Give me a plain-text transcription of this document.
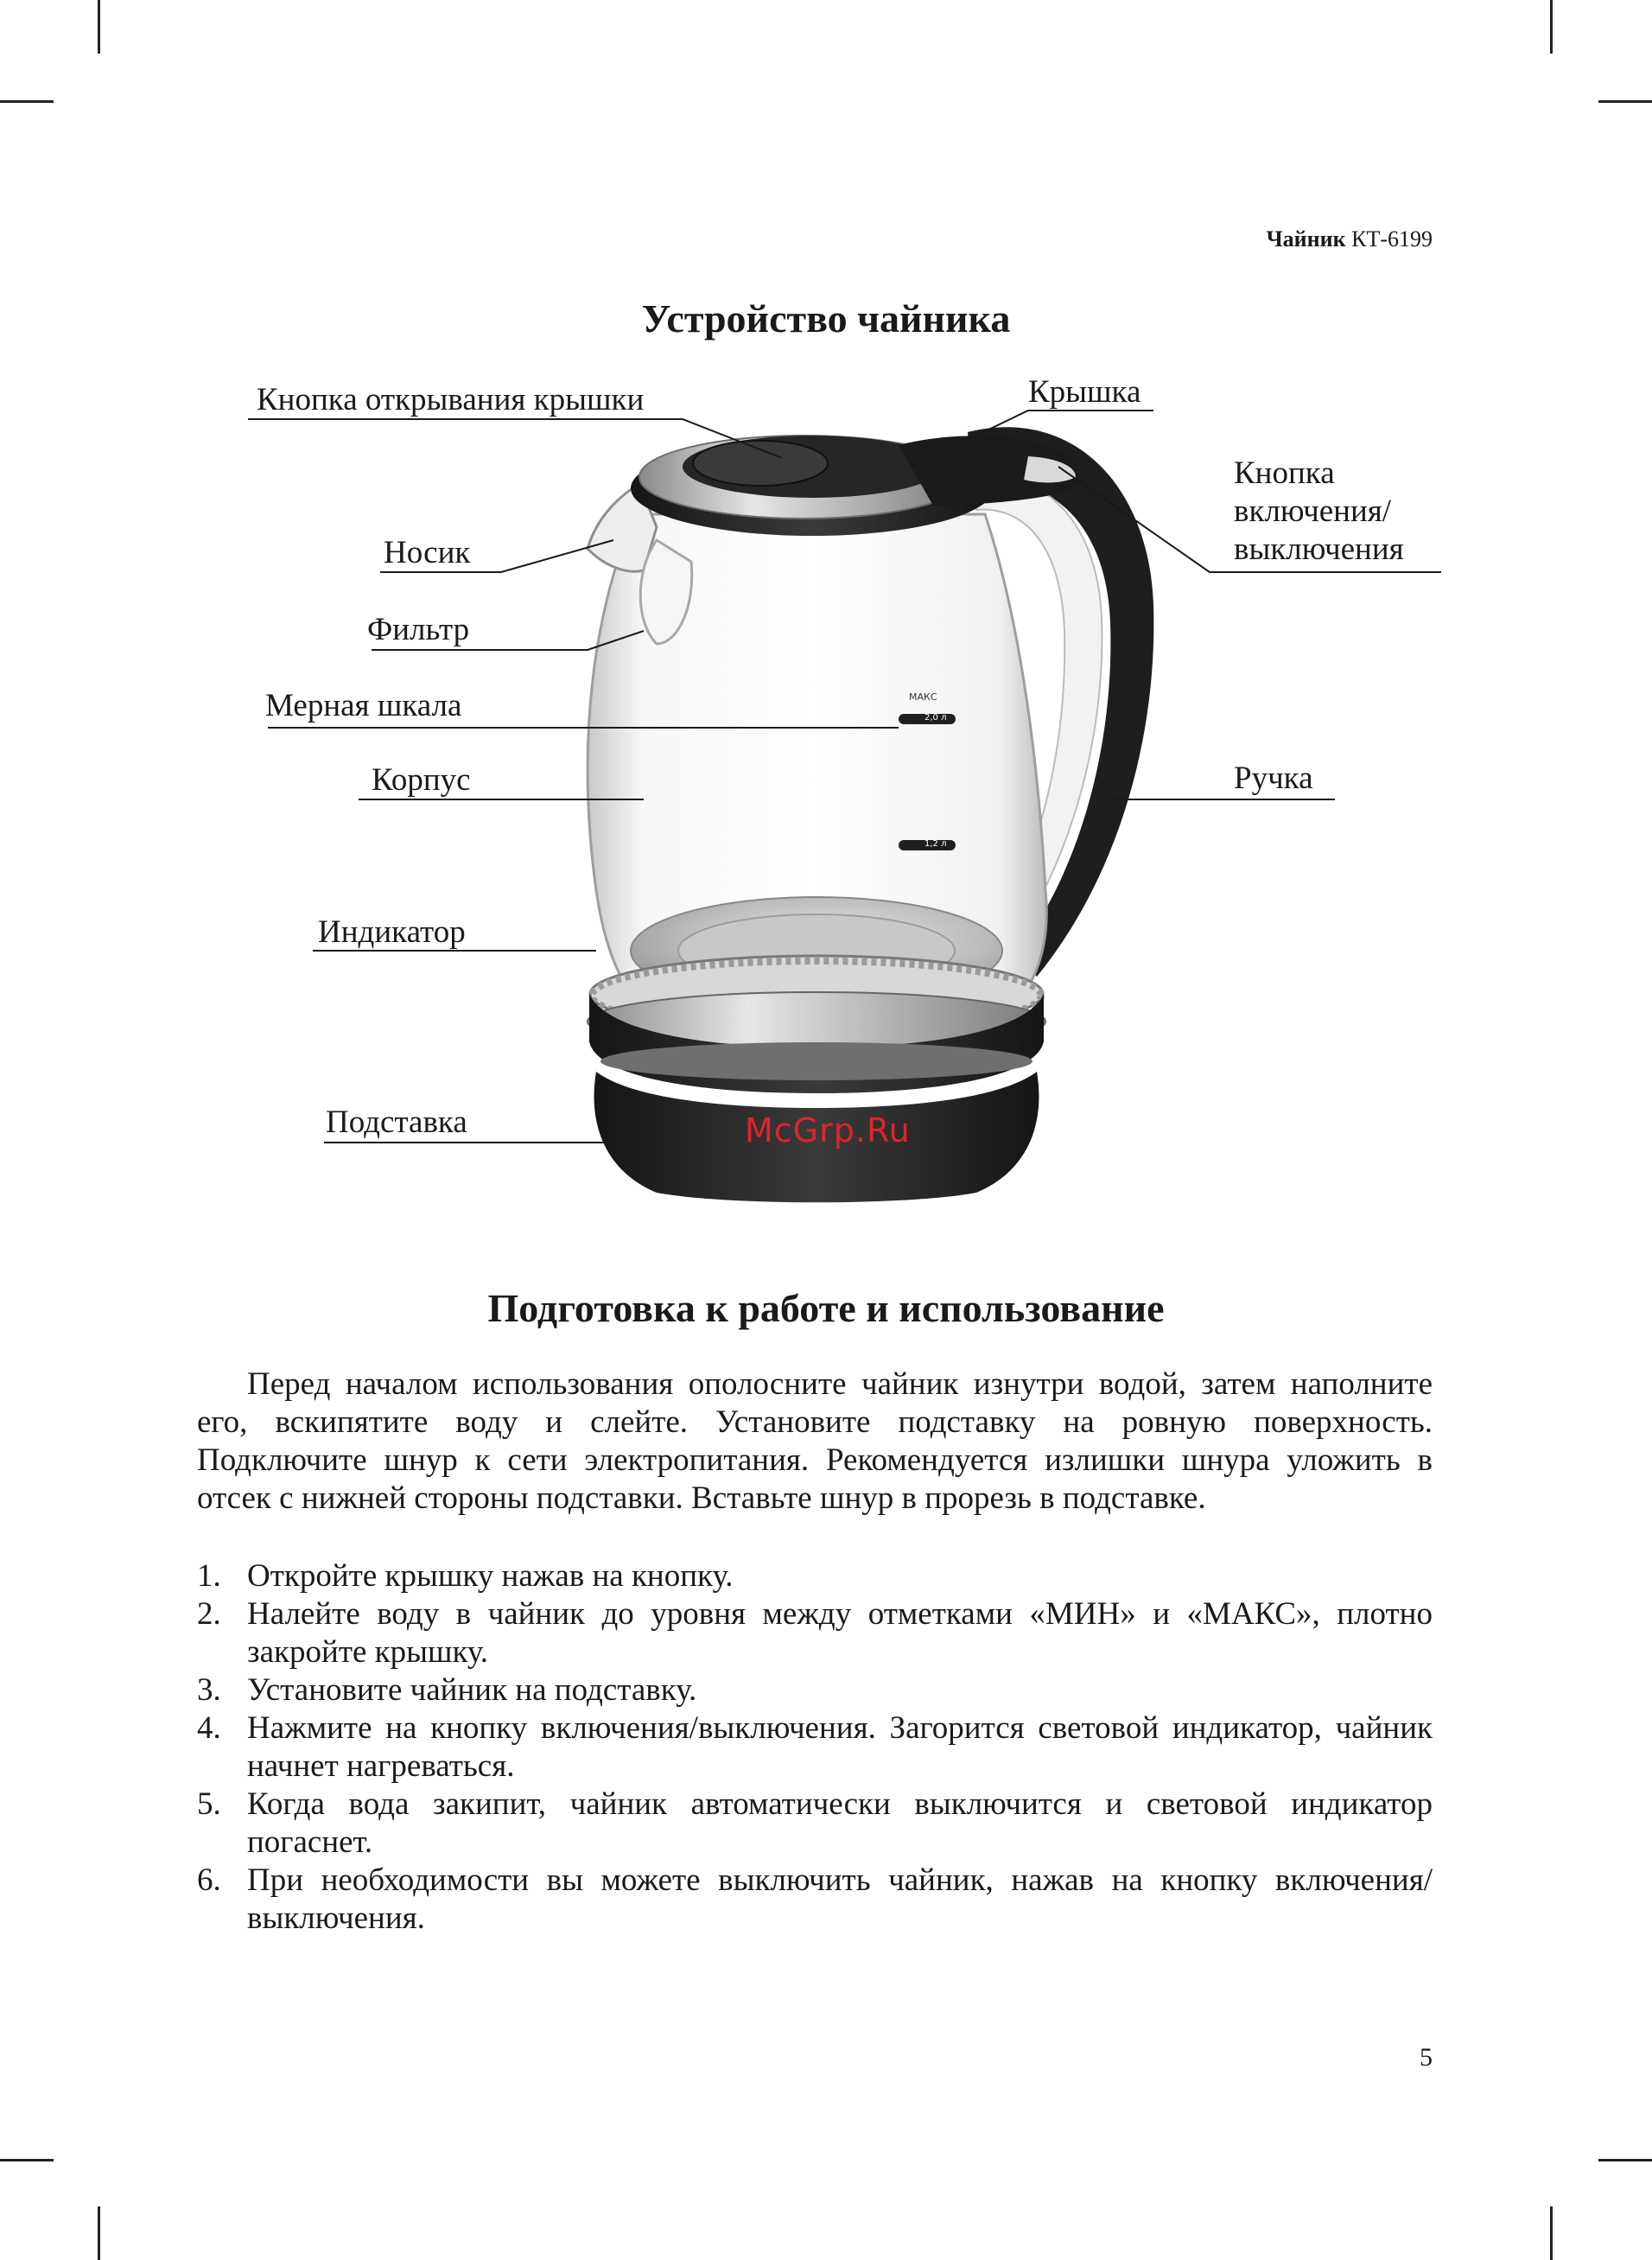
Чайник КТ-6199
Устройство чайника
МАКС
2,0 л
1,2 л
Кнопка открывания крышки	Крышка
Кнопка
включения/
выключения
Носик
Фильтр
Мерная шкала
Корпус	Ручка
Индикатор
Подставка	McGrp.Ru
Подготовка к работе и использование
Перед началом использования ополосните чайник изнутри водой, затем наполните его, вскипятите воду и слейте. Установите подставку на ровную поверхность. Подключите шнур к сети электропитания. Рекомендуется излишки шнура уложить в отсек с нижней стороны подставки. Вставьте шнур в прорезь в подставке.
1. Откройте крышку нажав на кнопку.
2. Налейте воду в чайник до уровня между отметками «МИН» и «МАКС», плотно закройте крышку.
3. Установите чайник на подставку.
4. Нажмите на кнопку включения/выключения. Загорится световой индикатор, чайник начнет нагреваться.
5. Когда вода закипит, чайник автоматически выключится и световой индикатор погаснет.
6. При необходимости вы можете выключить чайник, нажав на кнопку включения/выключения.
5
